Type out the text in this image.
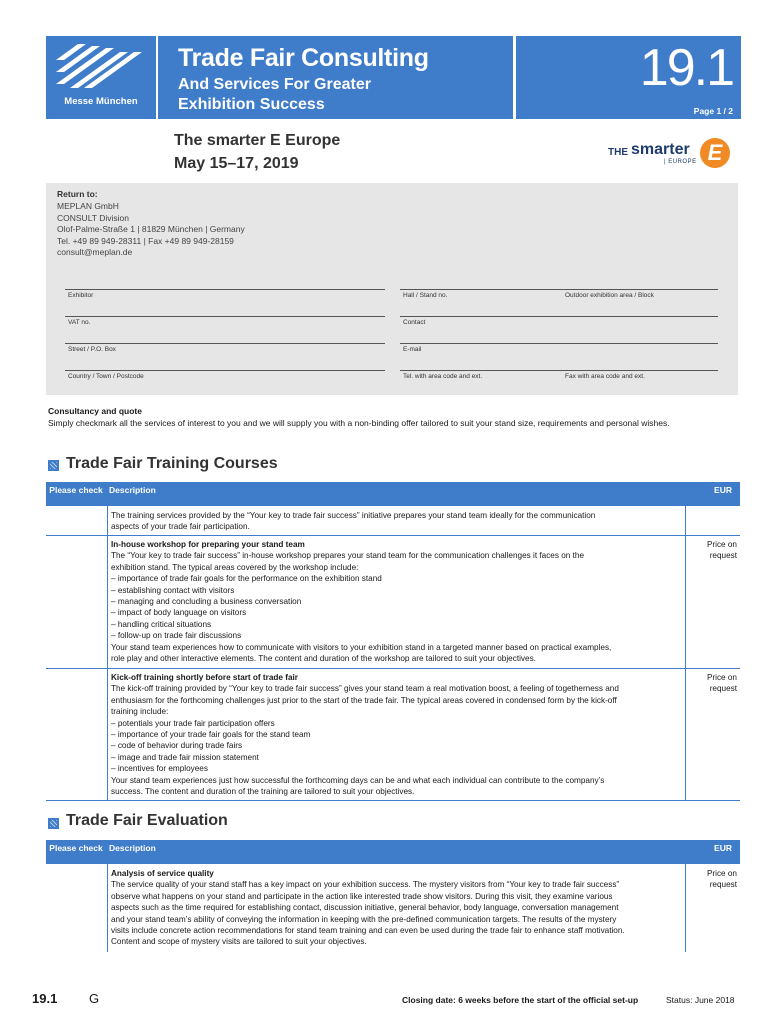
Messe München
Trade Fair Consulting
And Services For Greater
Exhibition Success
19.1
Page 1 / 2
The smarter E Europe
May 15–17, 2019
THE smarter
| EUROPE E
Return to:
MEPLAN GmbH
CONSULT Division
Olof-Palme-Straße 1 | 81829 München | Germany
Tel. +49 89 949-28311 | Fax +49 89 949-28159
consult@meplan.de
Exhibitor	Hall / Stand no.	Outdoor exhibition area / Block
VAT no.	Contact
Street / P.O. Box	E-mail
Country / Town / Postcode	Tel. with area code and ext.	Fax with area code and ext.
Consultancy and quote
Simply checkmark all the services of interest to you and we will supply you with a non-binding offer tailored to suit your stand size, requirements and personal wishes.
Trade Fair Training Courses
Please check Description	EUR
The training services provided by the “Your key to trade fair success” initiative prepares your stand team ideally for the communication
aspects of your trade fair participation.
In-house workshop for preparing your stand team
The “Your key to trade fair success” in-house workshop prepares your stand team for the communication challenges it faces on the
exhibition stand. The typical areas covered by the workshop include:
– importance of trade fair goals for the performance on the exhibition stand
– establishing contact with visitors
– managing and concluding a business conversation
– impact of body language on visitors
– handling critical situations
– follow-up on trade fair discussions
Your stand team experiences how to communicate with visitors to your exhibition stand in a targeted manner based on practical examples,
role play and other interactive elements. The content and duration of the workshop are tailored to suit your objectives.
Price on
request
Kick-off training shortly before start of trade fair
The kick-off training provided by “Your key to trade fair success” gives your stand team a real motivation boost, a feeling of togetherness and
enthusiasm for the forthcoming challenges just prior to the start of the trade fair. The typical areas covered in condensed form by the kick-off
training include:
– potentials your trade fair participation offers
– importance of your trade fair goals for the stand team
– code of behavior during trade fairs
– image and trade fair mission statement
– incentives for employees
Your stand team experiences just how successful the forthcoming days can be and what each individual can contribute to the company’s
success. The content and duration of the training are tailored to suit your objectives.
Price on
request
Trade Fair Evaluation
Please check Description	EUR
Analysis of service quality
The service quality of your stand staff has a key impact on your exhibition success. The mystery visitors from “Your key to trade fair success”
observe what happens on your stand and participate in the action like interested trade show visitors. During this visit, they examine various
aspects such as the time required for establishing contact, discussion initiative, general behavior, body language, conversation management
and your stand team’s ability of conveying the information in keeping with the pre-defined communication targets. The results of the mystery
visits include concrete action recommendations for stand team training and can even be used during the trade fair to enhance staff motivation.
Content and scope of mystery visits are tailored to suit your objectives.
Price on
request
19.1 G	Closing date: 6 weeks before the start of the official set-up	Status: June 2018
